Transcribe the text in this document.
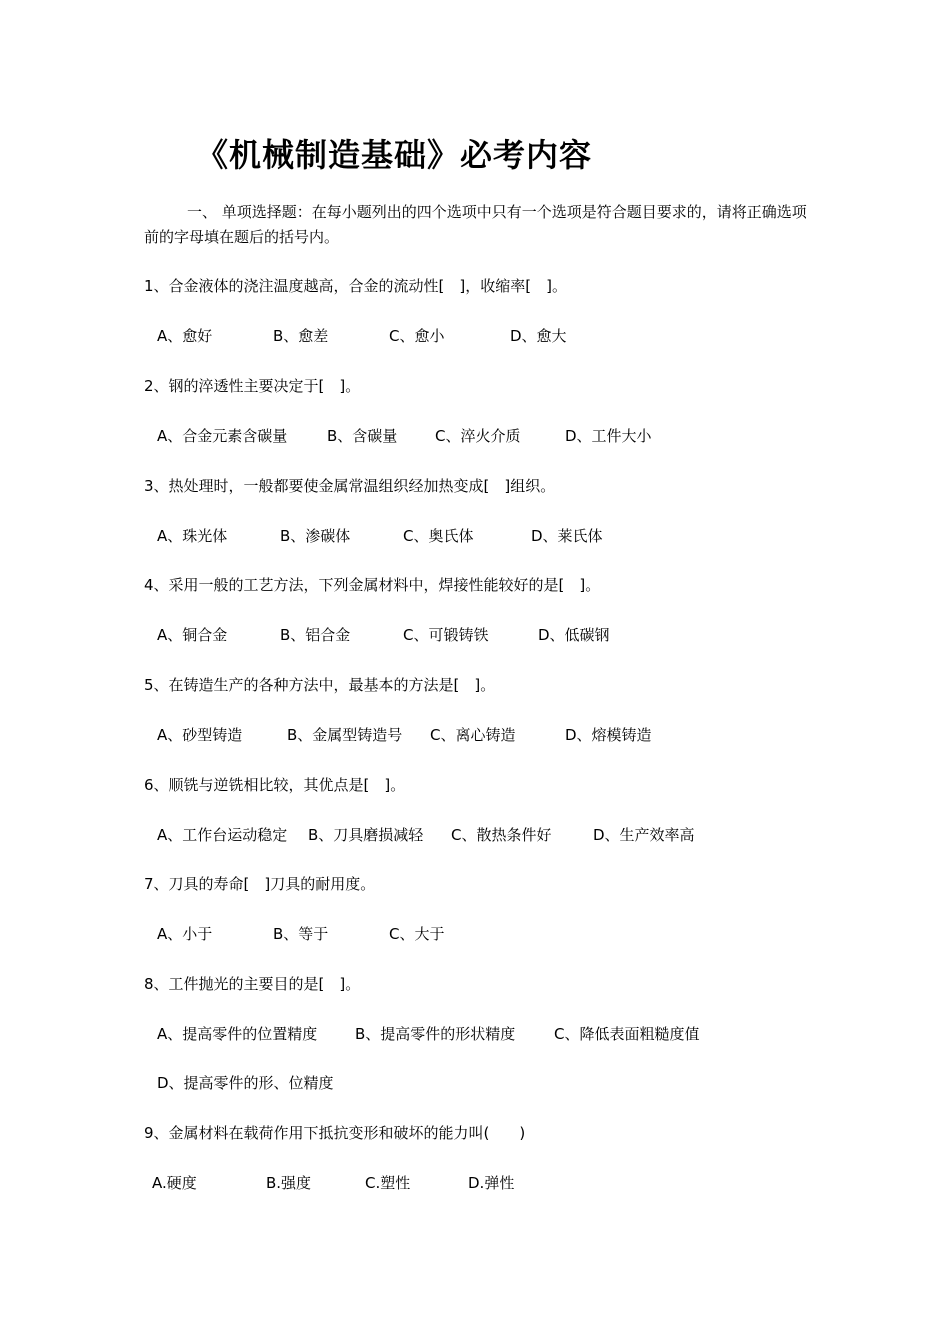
《机械制造基础》必考内容
一、 单项选择题：在每小题列出的四个选项中只有一个选项是符合题目要求的，请将正确选项前的字母填在题后的括号内。
1、合金液体的浇注温度越高，合金的流动性[　]，收缩率[　]。
A、愈好	B、愈差	C、愈小	D、愈大
2、钢的淬透性主要决定于[　]。
A、合金元素含碳量	B、含碳量	C、淬火介质	D、工件大小
3、热处理时，一般都要使金属常温组织经加热变成[　]组织。
A、珠光体	B、渗碳体	C、奥氏体	D、莱氏体
4、采用一般的工艺方法，下列金属材料中，焊接性能较好的是[　]。
A、铜合金	B、铝合金	C、可锻铸铁	D、低碳钢
5、在铸造生产的各种方法中，最基本的方法是[　]。
A、砂型铸造	B、金属型铸造号 C、离心铸造	D、熔模铸造
6、顺铣与逆铣相比较，其优点是[　]。
A、工作台运动稳定 B、刀具磨损减轻 C、散热条件好	D、生产效率高
7、刀具的寿命[　]刀具的耐用度。
A、小于	B、等于	C、大于
8、工件抛光的主要目的是[　]。
A、提高零件的位置精度	B、提高零件的形状精度	C、降低表面粗糙度值
D、提高零件的形、位精度
9、金属材料在载荷作用下抵抗变形和破坏的能力叫(　　)
A.硬度	B.强度	C.塑性	D.弹性
